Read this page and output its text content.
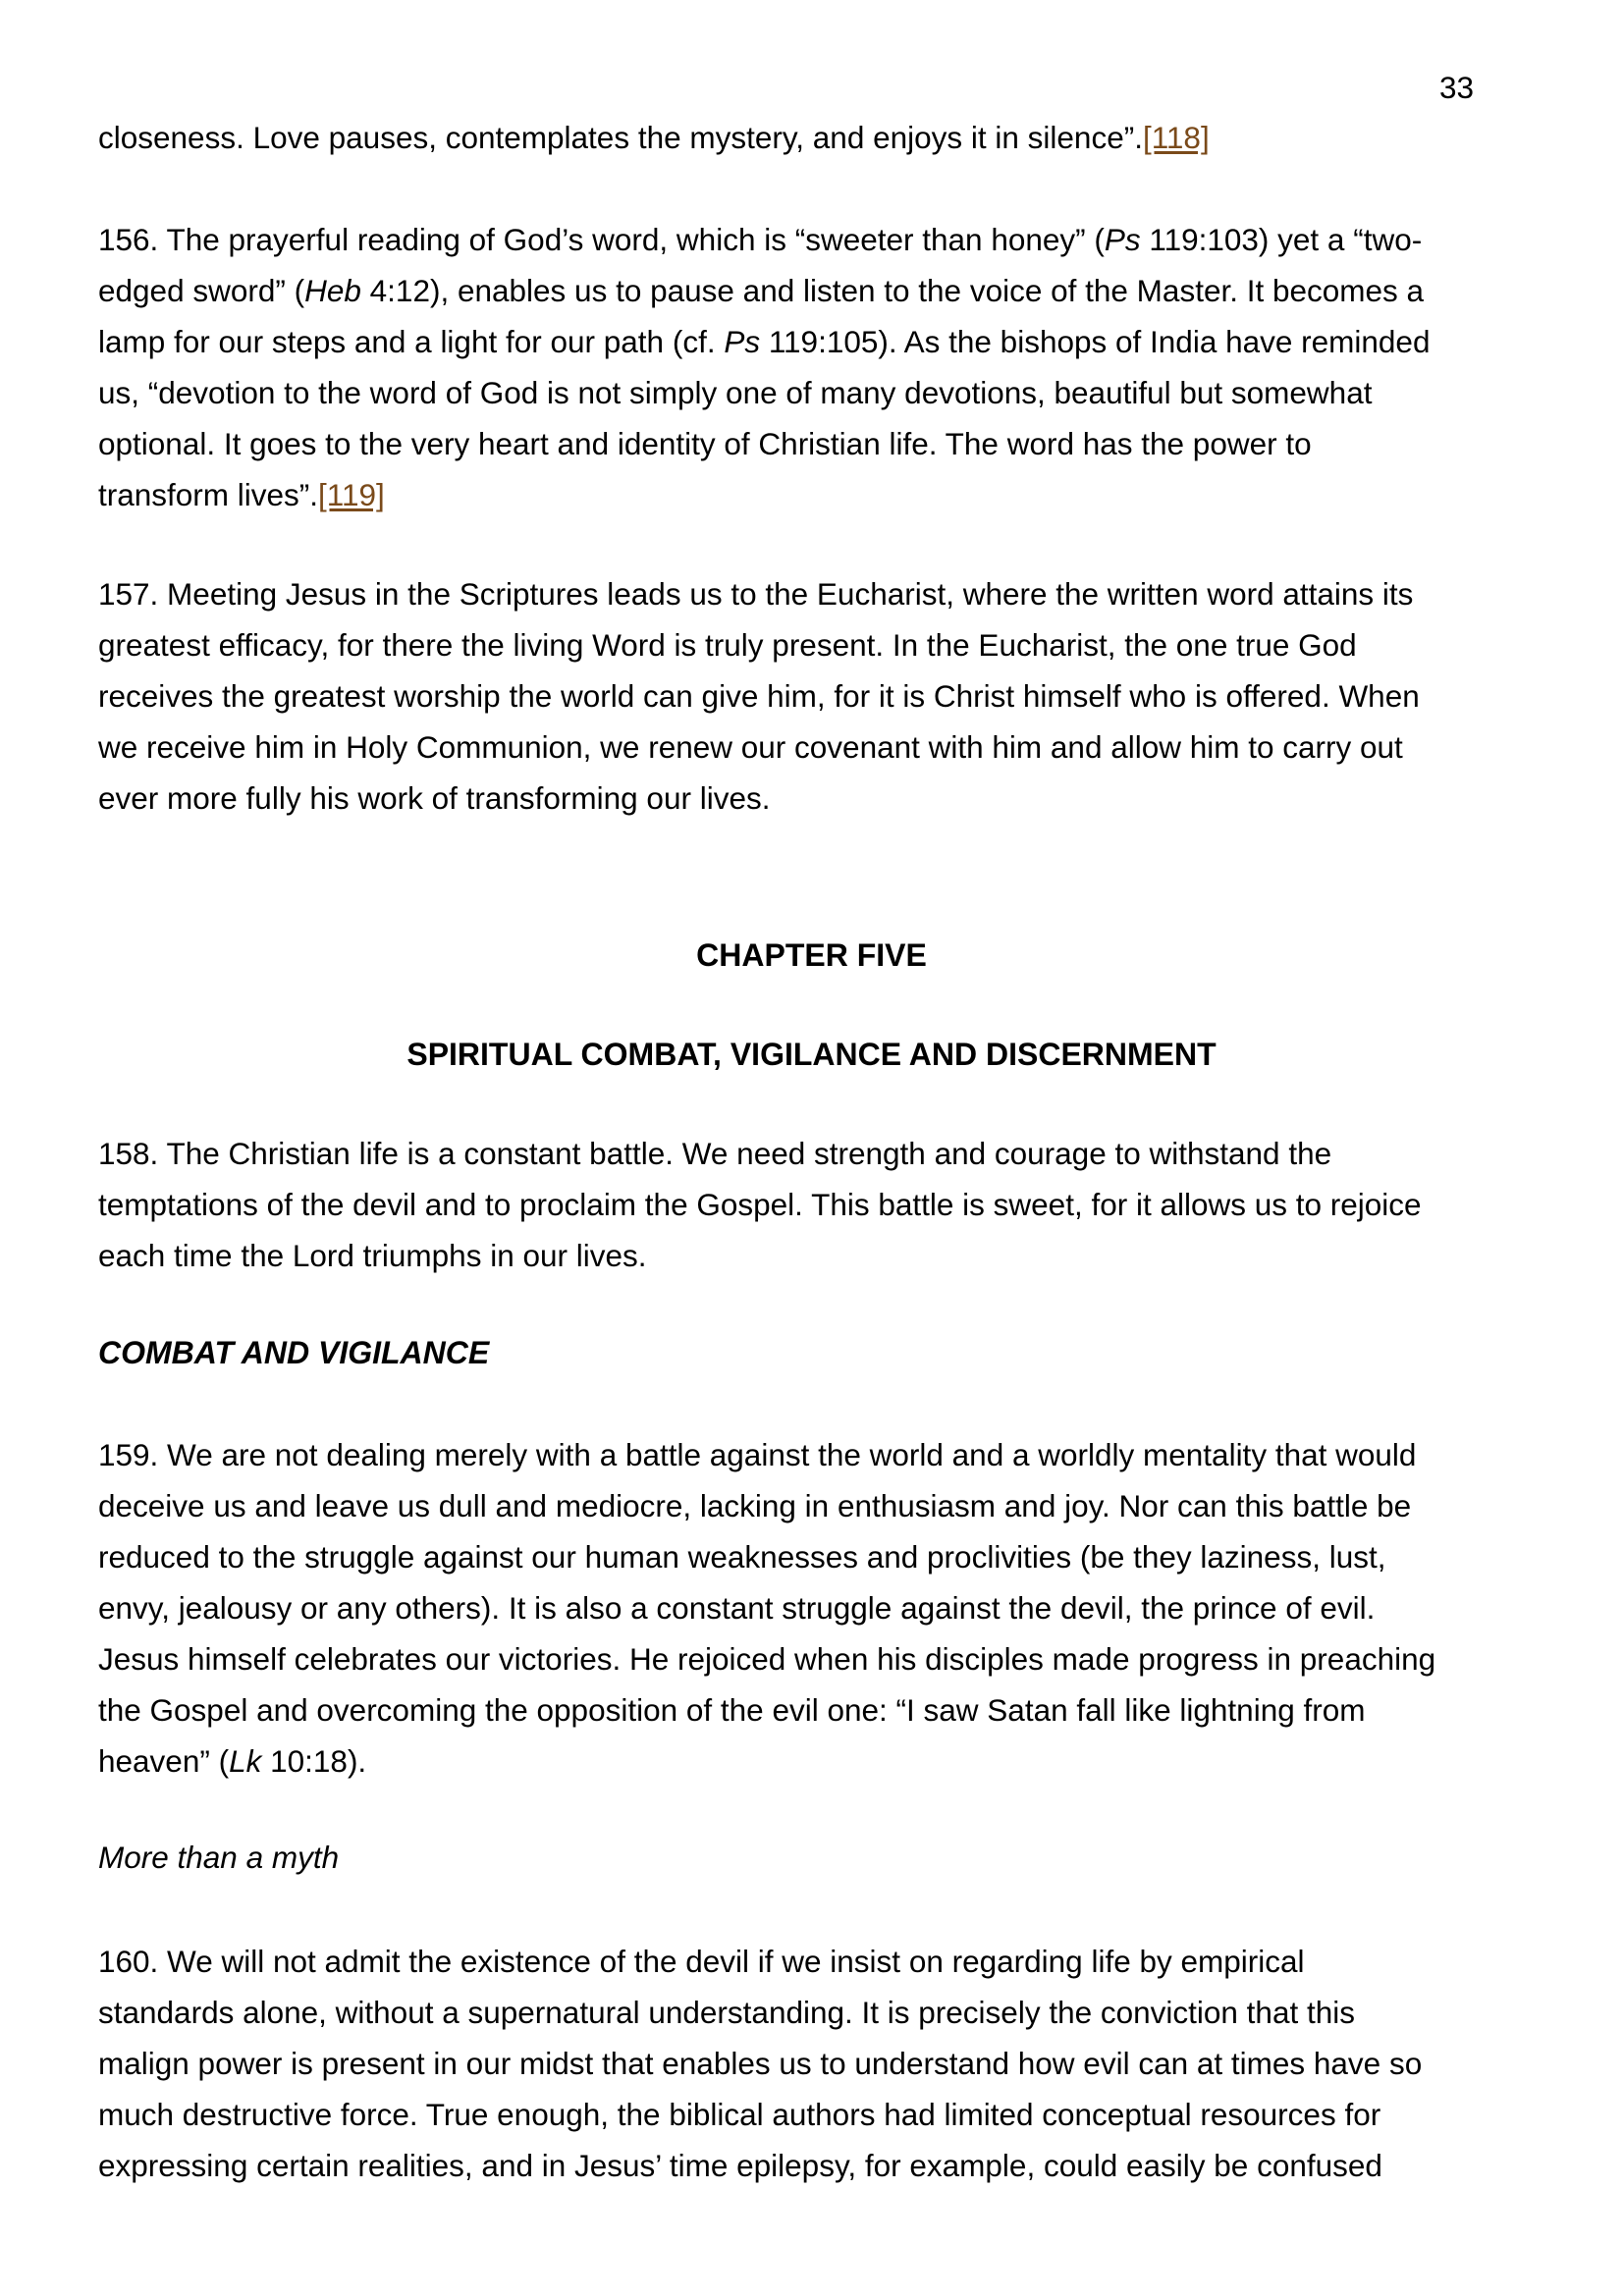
33
closeness. Love pauses, contemplates the mystery, and enjoys it in silence”.[118]
156. The prayerful reading of God’s word, which is “sweeter than honey” (Ps 119:103) yet a “two-
edged sword” (Heb 4:12), enables us to pause and listen to the voice of the Master. It becomes a
lamp for our steps and a light for our path (cf. Ps 119:105). As the bishops of India have reminded
us, “devotion to the word of God is not simply one of many devotions, beautiful but somewhat
optional. It goes to the very heart and identity of Christian life. The word has the power to
transform lives”.[119]
157. Meeting Jesus in the Scriptures leads us to the Eucharist, where the written word attains its
greatest efficacy, for there the living Word is truly present. In the Eucharist, the one true God
receives the greatest worship the world can give him, for it is Christ himself who is offered. When
we receive him in Holy Communion, we renew our covenant with him and allow him to carry out
ever more fully his work of transforming our lives.
CHAPTER FIVE
SPIRITUAL COMBAT, VIGILANCE AND DISCERNMENT
158. The Christian life is a constant battle. We need strength and courage to withstand the
temptations of the devil and to proclaim the Gospel. This battle is sweet, for it allows us to rejoice
each time the Lord triumphs in our lives.
COMBAT AND VIGILANCE
159. We are not dealing merely with a battle against the world and a worldly mentality that would
deceive us and leave us dull and mediocre, lacking in enthusiasm and joy. Nor can this battle be
reduced to the struggle against our human weaknesses and proclivities (be they laziness, lust,
envy, jealousy or any others). It is also a constant struggle against the devil, the prince of evil.
Jesus himself celebrates our victories. He rejoiced when his disciples made progress in preaching
the Gospel and overcoming the opposition of the evil one: “I saw Satan fall like lightning from
heaven” (Lk 10:18).
More than a myth
160. We will not admit the existence of the devil if we insist on regarding life by empirical
standards alone, without a supernatural understanding. It is precisely the conviction that this
malign power is present in our midst that enables us to understand how evil can at times have so
much destructive force. True enough, the biblical authors had limited conceptual resources for
expressing certain realities, and in Jesus’ time epilepsy, for example, could easily be confused
